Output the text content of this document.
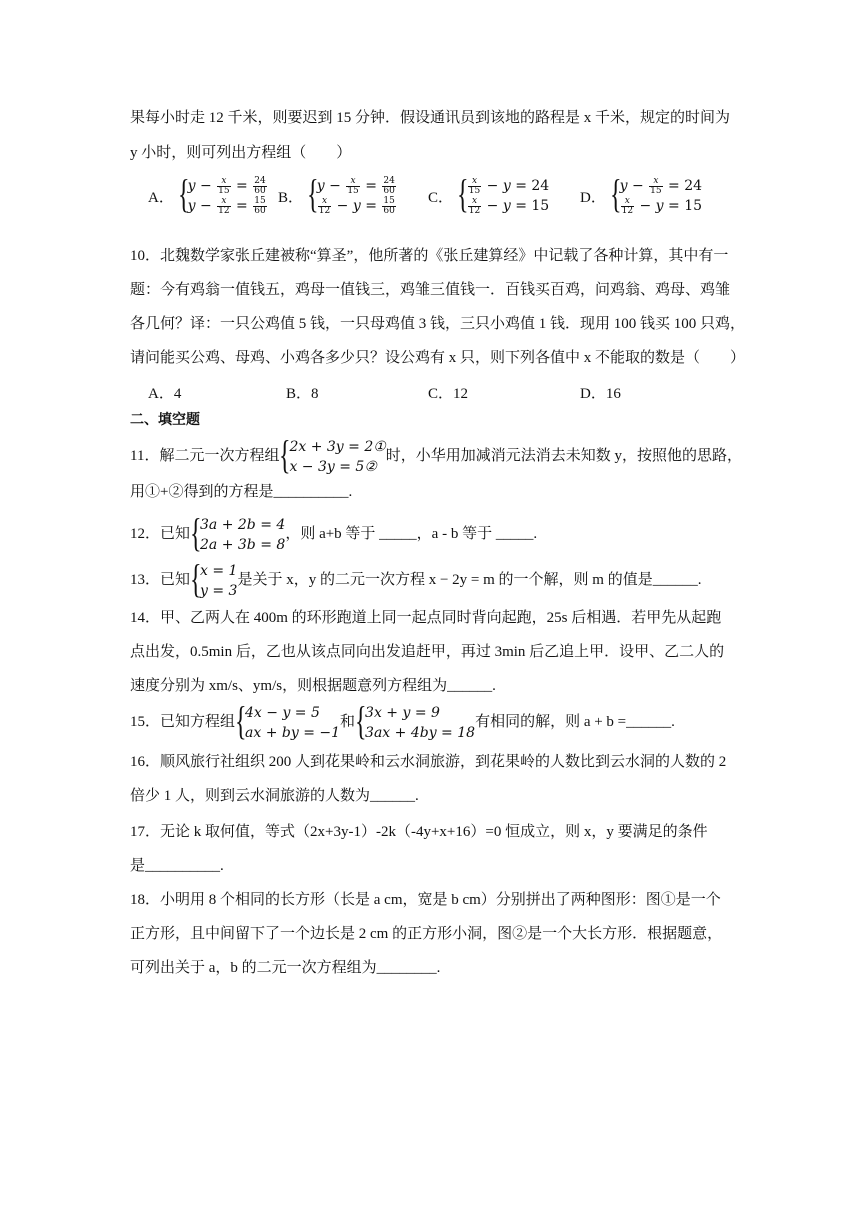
果每小时走 12 千米，则要迟到 15 分钟．假设通讯员到该地的路程是 x 千米，规定的时间为
y 小时，则可列出方程组（　　）
A． {
$y - \frac{x}{15} = \frac{24}{60}$
$y - \frac{x}{12} = \frac{15}{60}$ B． {
$y - \frac{x}{15} = \frac{24}{60}$
$\frac{x}{12} - y = \frac{15}{60}$ C． { $\frac{x}{15} - y = 24$
$\frac{x}{12} - y = 15$
D． {
$y - \frac{x}{15} = 24$
$\frac{x}{12} - y = 15$
10．北魏数学家张丘建被称“算圣”，他所著的《张丘建算经》中记载了各种计算，其中有一
题：今有鸡翁一值钱五，鸡母一值钱三，鸡雏三值钱一．百钱买百鸡，问鸡翁、鸡母、鸡雏
各几何？译：一只公鸡值 5 钱，一只母鸡值 3 钱，三只小鸡值 1 钱．现用 100 钱买 100 只鸡，
请问能买公鸡、母鸡、小鸡各多少只？设公鸡有 x 只，则下列各值中 x 不能取的数是（　　）
A．4	B．8	C．12	D．16
二、填空题
11．解二元一次方程组 {
2x + 3y = 2①
x − 3y = 5②
时，小华用加减消元法消去未知数 y，按照他的思路，
用①+②得到的方程是__________.
12．已知 {
3a + 2b = 4
2a + 3b = 8
，则 a+b 等于 _____，a - b 等于 _____.
13．已知 {
x = 1
y = 3
是关于 x，y 的二元一次方程 x − 2y = m 的一个解，则 m 的值是______.
14．甲、乙两人在 400m 的环形跑道上同一起点同时背向起跑，25s 后相遇．若甲先从起跑
点出发，0.5min 后，乙也从该点同向出发追赶甲，再过 3min 后乙追上甲．设甲、乙二人的
速度分别为 xm/s、ym/s，则根据题意列方程组为______.
15．已知方程组 {
4x − y = 5
ax + by = −1
和 {
3x + y = 9
3ax + 4by = 18
有相同的解，则 a + b =______.
16．顺风旅行社组织 200 人到花果岭和云水洞旅游，到花果岭的人数比到云水洞的人数的 2
倍少 1 人，则到云水洞旅游的人数为______.
17．无论 k 取何值，等式（2x+3y-1）-2k（-4y+x+16）=0 恒成立，则 x，y 要满足的条件
是__________.
18．小明用 8 个相同的长方形（长是 a cm，宽是 b cm）分别拼出了两种图形：图①是一个
正方形，且中间留下了一个边长是 2 cm 的正方形小洞，图②是一个大长方形．根据题意，
可列出关于 a，b 的二元一次方程组为________.
